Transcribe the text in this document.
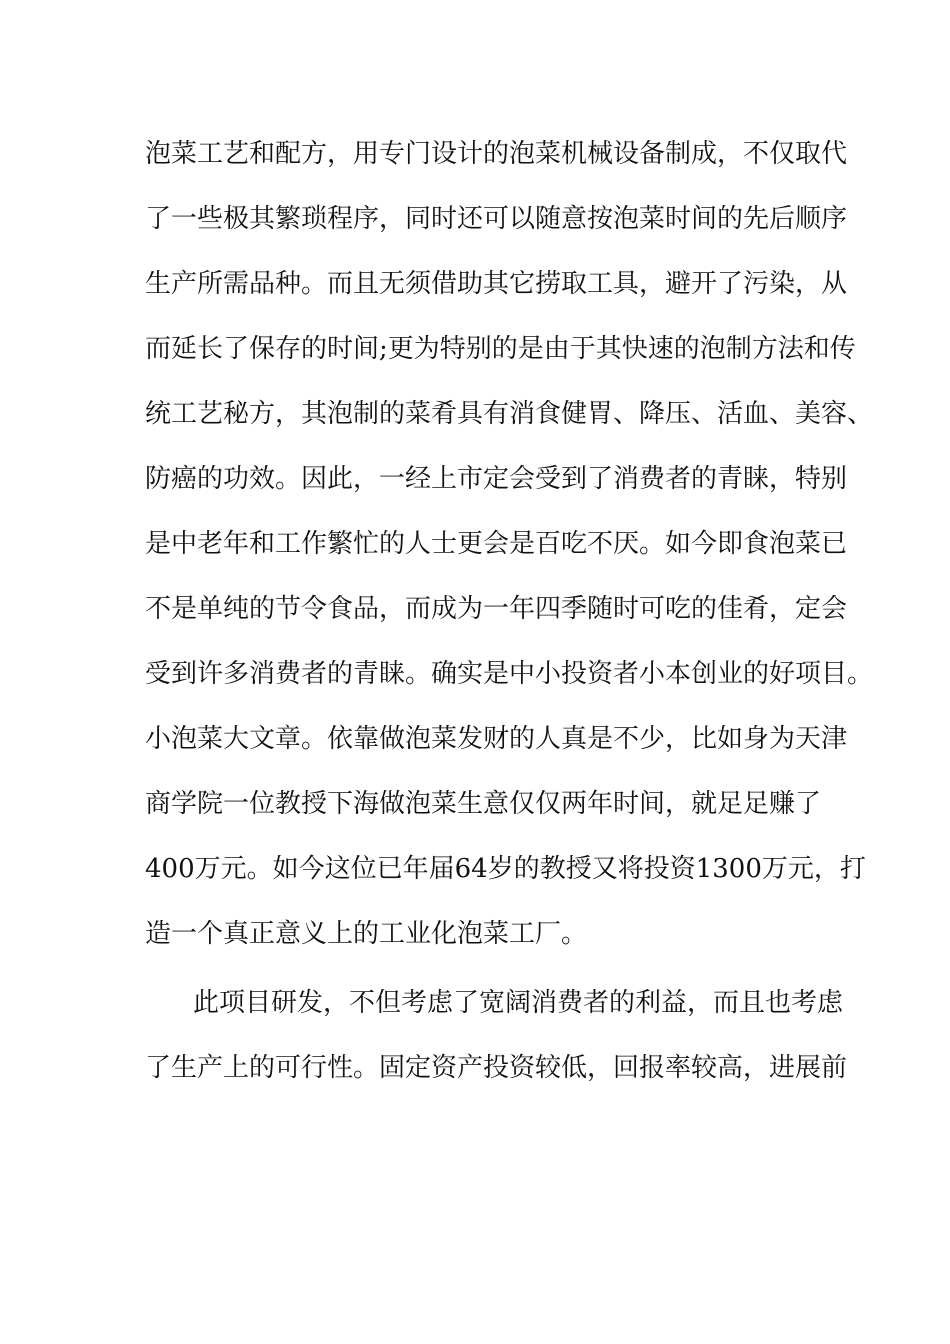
泡菜工艺和配方，用专门设计的泡菜机械设备制成，不仅取代
了一些极其繁琐程序，同时还可以随意按泡菜时间的先后顺序
生产所需品种。而且无须借助其它捞取工具，避开了污染，从
而延长了保存的时间;更为特别的是由于其快速的泡制方法和传
统工艺秘方，其泡制的菜肴具有消食健胃、降压、活血、美容、
防癌的功效。因此，一经上市定会受到了消费者的青睐，特别
是中老年和工作繁忙的人士更会是百吃不厌。如今即食泡菜已
不是单纯的节令食品，而成为一年四季随时可吃的佳肴，定会
受到许多消费者的青睐。确实是中小投资者小本创业的好项目。
小泡菜大文章。依靠做泡菜发财的人真是不少，比如身为天津
商学院一位教授下海做泡菜生意仅仅两年时间，就足足赚了
400万元。如今这位已年届64岁的教授又将投资1300万元，打
造一个真正意义上的工业化泡菜工厂。
此项目研发，不但考虑了宽阔消费者的利益，而且也考虑
了生产上的可行性。固定资产投资较低，回报率较高，进展前
